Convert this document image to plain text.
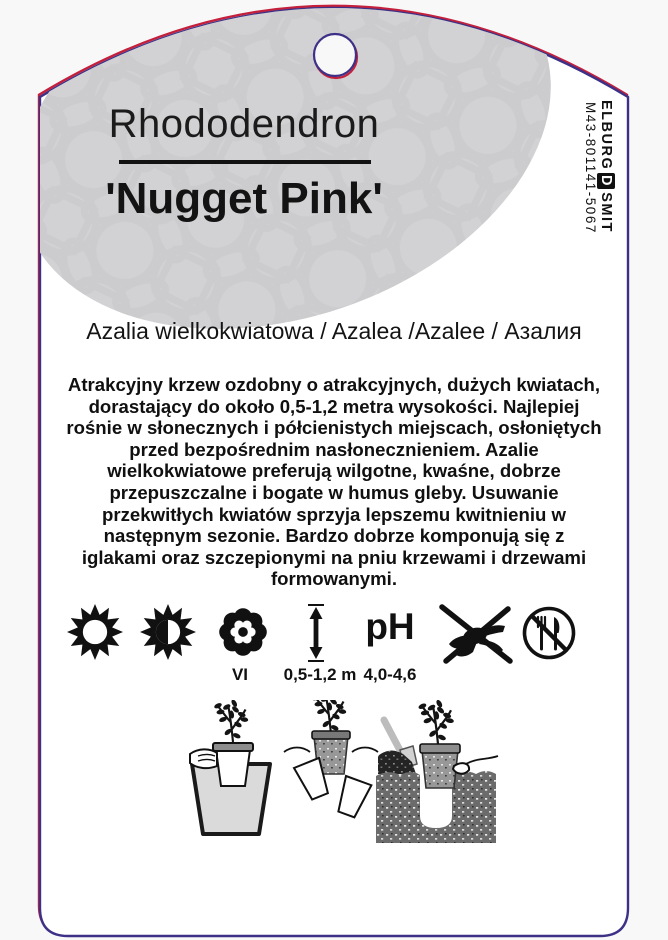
Rhododendron
'Nugget Pink'
ELBURGDSMIT
M43-801141-5067
Azalia wielkokwiatowa / Azalea /Azalee / Азалия
Atrakcyjny krzew ozdobny o atrakcyjnych, dużych kwiatach, dorastający do około 0,5-1,2 metra wysokości. Najlepiej rośnie w słonecznych i półcienistych miejscach, osłoniętych przed bezpośrednim nasłonecznieniem. Azalie wielkokwiatowe preferują wilgotne, kwaśne, dobrze przepuszczalne i bogate w humus gleby. Usuwanie przekwitłych kwiatów sprzyja lepszemu kwitnieniu w następnym sezonie. Bardzo dobrze komponują się z iglakami oraz szczepionymi na pniu krzewami i drzewami formowanymi.
pH
VI	0,5-1,2 m 4,0-4,6
